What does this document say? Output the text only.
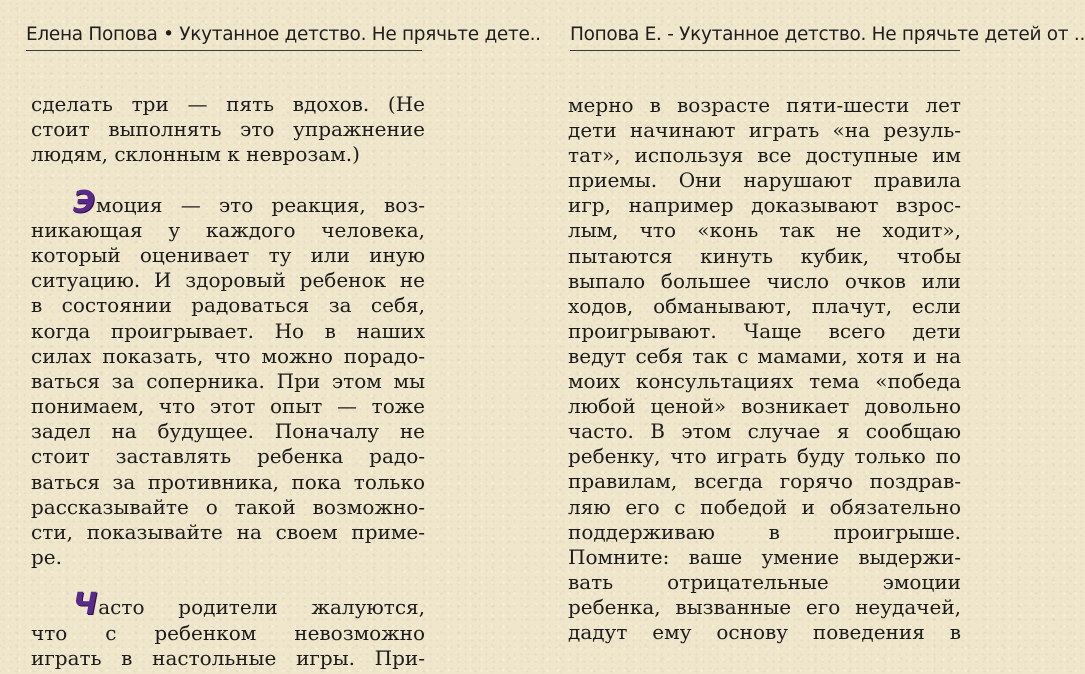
Елена Попова • Укутанное детство. Не прячьте дете..
сделать три — пять вдохов. (Не
стоит выполнять это упражнение
людям, склонным к неврозам.)
Эмоция — это реакция, воз-
никающая у каждого человека,
который оценивает ту или иную
ситуацию. И здоровый ребенок не
в состоянии радоваться за себя,
когда проигрывает. Но в наших
силах показать, что можно порадо-
ваться за соперника. При этом мы
понимаем, что этот опыт — тоже
задел на будущее. Поначалу не
стоит заставлять ребенка радо-
ваться за противника, пока только
рассказывайте о такой возможно-
сти, показывайте на своем приме-
ре.
Часто родители жалуются,
что с ребенком невозможно
играть в настольные игры. При-
Попова Е. - Укутанное детство. Не прячьте детей от ..
мерно в возрасте пяти-шести лет
дети начинают играть «на резуль-
тат», используя все доступные им
приемы. Они нарушают правила
игр, например доказывают взрос-
лым, что «конь так не ходит»,
пытаются кинуть кубик, чтобы
выпало большее число очков или
ходов, обманывают, плачут, если
проигрывают. Чаще всего дети
ведут себя так с мамами, хотя и на
моих консультациях тема «победа
любой ценой» возникает довольно
часто. В этом случае я сообщаю
ребенку, что играть буду только по
правилам, всегда горячо поздрав-
ляю его с победой и обязательно
поддерживаю в проигрыше.
Помните: ваше умение выдержи-
вать отрицательные эмоции
ребенка, вызванные его неудачей,
дадут ему основу поведения в
